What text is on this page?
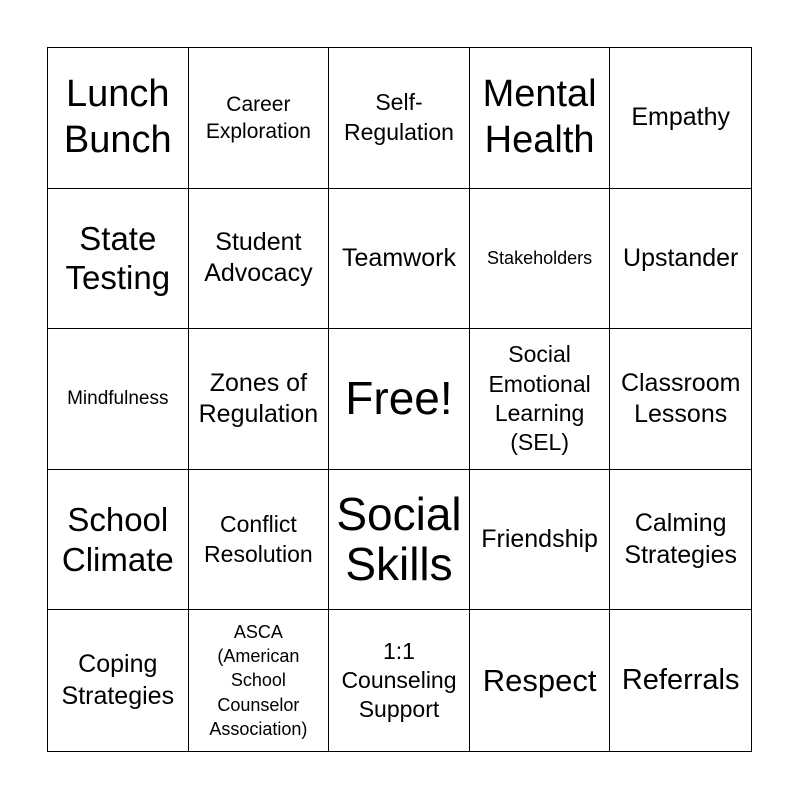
Lunch
Bunch
Career
Exploration
Self-
Regulation
Mental
Health
Empathy
State
Testing
Student
Advocacy
Teamwork Stakeholders Upstander
Mindfulness
Zones of
Regulation Free!
Social
Emotional
Learning
(SEL)
Classroom
Lessons
School
Climate
Conflict
Resolution
Social
Skills	Friendship
Calming
Strategies
Coping
Strategies
ASCA
(American
School
Counselor
Association)
1:1
Counseling
Support
Respect Referrals
